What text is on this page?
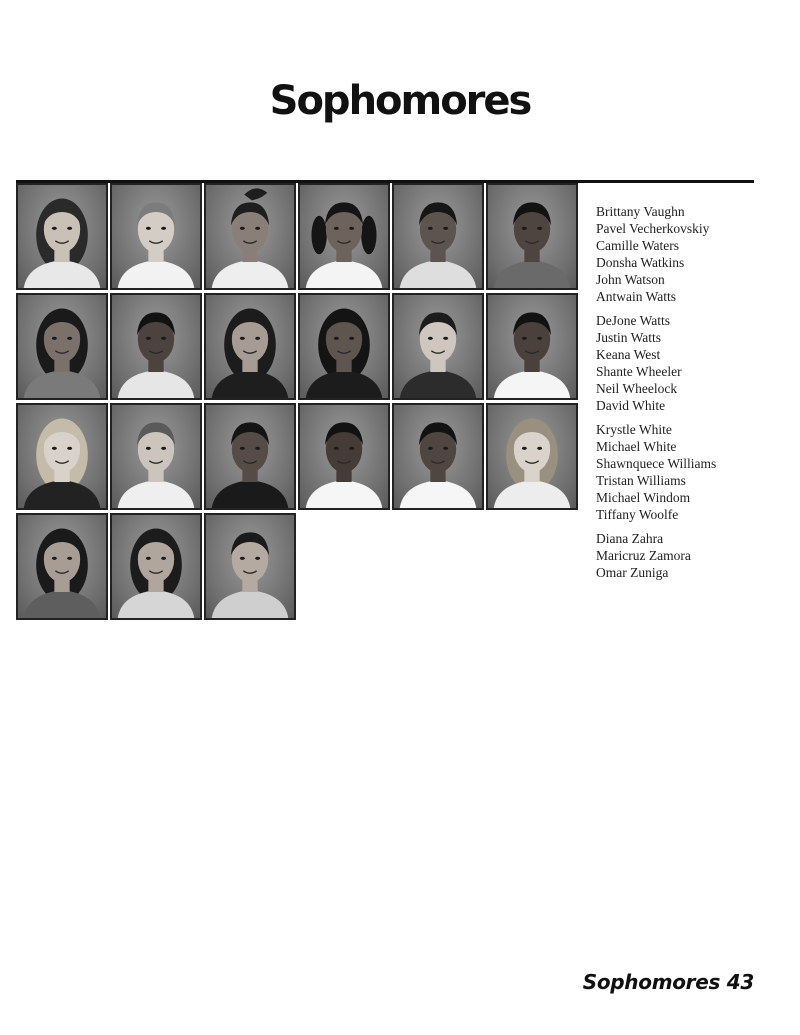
Sophomores
Brittany Vaughn
Pavel Vecherkovskiy
Camille Waters
Donsha Watkins
John Watson
Antwain Watts
DeJone Watts
Justin Watts
Keana West
Shante Wheeler
Neil Wheelock
David White
Krystle White
Michael White
Shawnquece Williams
Tristan Williams
Michael Windom
Tiffany Woolfe
Diana Zahra
Maricruz Zamora
Omar Zuniga
Sophomores 43
